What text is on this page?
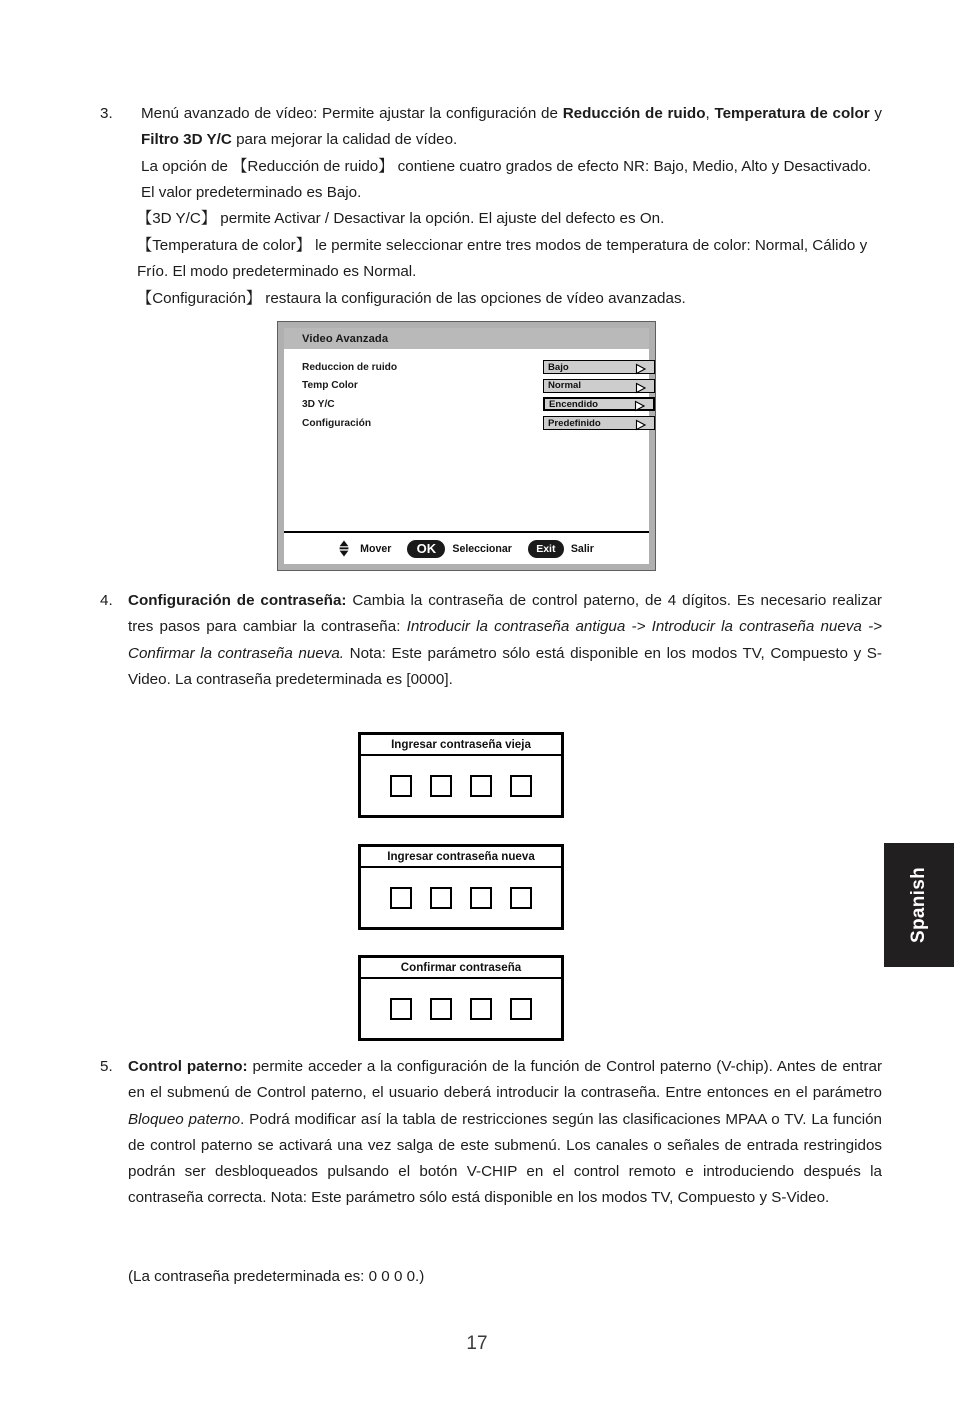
3. Menú avanzado de vídeo: Permite ajustar la configuración de Reducción de ruido, Temperatura de color y Filtro 3D Y/C para mejorar la calidad de vídeo.
La opción de 【Reducción de ruido】 contiene cuatro grados de efecto NR: Bajo, Medio, Alto y Desactivado. El valor predeterminado es Bajo.
【3D Y/C】 permite Activar / Desactivar la opción. El ajuste del defecto es On.
【Temperatura de color】 le permite seleccionar entre tres modos de temperatura de color: Normal, Cálido y Frío. El modo predeterminado es Normal.
【Configuración】 restaura la configuración de las opciones de vídeo avanzadas.
Video Avanzada
Reduccion de ruido	Bajo
Temp Color	Normal
3D Y/C	Encendido
Configuración	Predefinido
Mover	OK	Seleccionar	Exit	Salir
4. Configuración de contraseña: Cambia la contraseña de control paterno, de 4 dígitos. Es necesario realizar tres pasos para cambiar la contraseña: Introducir la contraseña antigua -> Introducir la contraseña nueva -> Confirmar la contraseña nueva. Nota: Este parámetro sólo está disponible en los modos TV, Compuesto y S-Video. La contraseña predeterminada es [0000].
Ingresar contraseña vieja
Ingresar contraseña nueva
Confirmar contraseña
5. Control paterno: permite acceder a la configuración de la función de Control paterno (V-chip). Antes de entrar en el submenú de Control paterno, el usuario deberá introducir la contraseña. Entre entonces en el parámetro Bloqueo paterno. Podrá modificar así la tabla de restricciones según las clasificaciones MPAA o TV. La función de control paterno se activará una vez salga de este submenú. Los canales o señales de entrada restringidos podrán ser desbloqueados pulsando el botón V-CHIP en el control remoto e introduciendo después la contraseña correcta. Nota: Este parámetro sólo está disponible en los modos TV, Compuesto y S-Video.
(La contraseña predeterminada es: 0 0 0 0.)
Spanish
17
